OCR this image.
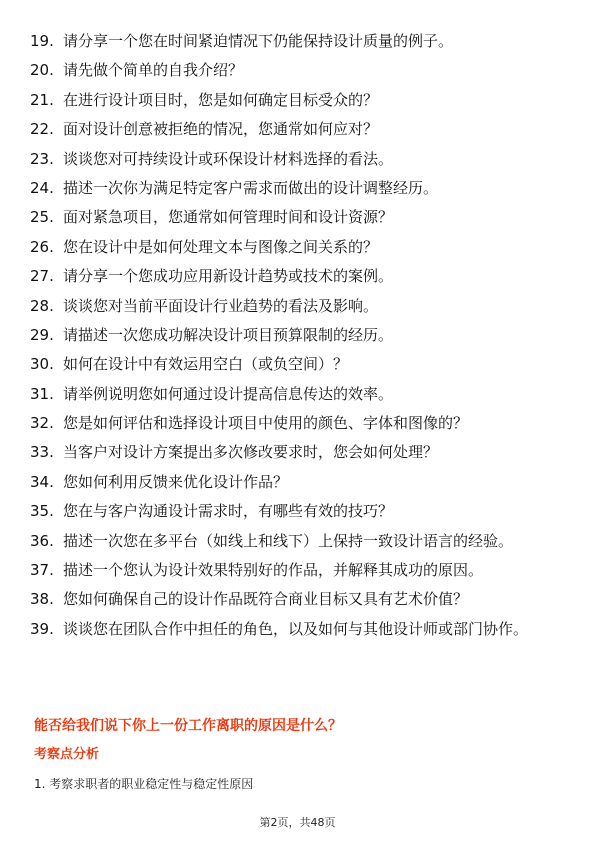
19. 请分享一个您在时间紧迫情况下仍能保持设计质量的例子。
20. 请先做个简单的自我介绍？
21. 在进行设计项目时，您是如何确定目标受众的？
22. 面对设计创意被拒绝的情况，您通常如何应对？
23. 谈谈您对可持续设计或环保设计材料选择的看法。
24. 描述一次你为满足特定客户需求而做出的设计调整经历。
25. 面对紧急项目，您通常如何管理时间和设计资源？
26. 您在设计中是如何处理文本与图像之间关系的？
27. 请分享一个您成功应用新设计趋势或技术的案例。
28. 谈谈您对当前平面设计行业趋势的看法及影响。
29. 请描述一次您成功解决设计项目预算限制的经历。
30. 如何在设计中有效运用空白（或负空间）？
31. 请举例说明您如何通过设计提高信息传达的效率。
32. 您是如何评估和选择设计项目中使用的颜色、字体和图像的？
33. 当客户对设计方案提出多次修改要求时，您会如何处理？
34. 您如何利用反馈来优化设计作品？
35. 您在与客户沟通设计需求时，有哪些有效的技巧？
36. 描述一次您在多平台（如线上和线下）上保持一致设计语言的经验。
37. 描述一个您认为设计效果特别好的作品，并解释其成功的原因。
38. 您如何确保自己的设计作品既符合商业目标又具有艺术价值？
39. 谈谈您在团队合作中担任的角色，以及如何与其他设计师或部门协作。
能否给我们说下你上一份工作离职的原因是什么？
考察点分析

1. 考察求职者的职业稳定性与稳定性原因

第2页，共48页
